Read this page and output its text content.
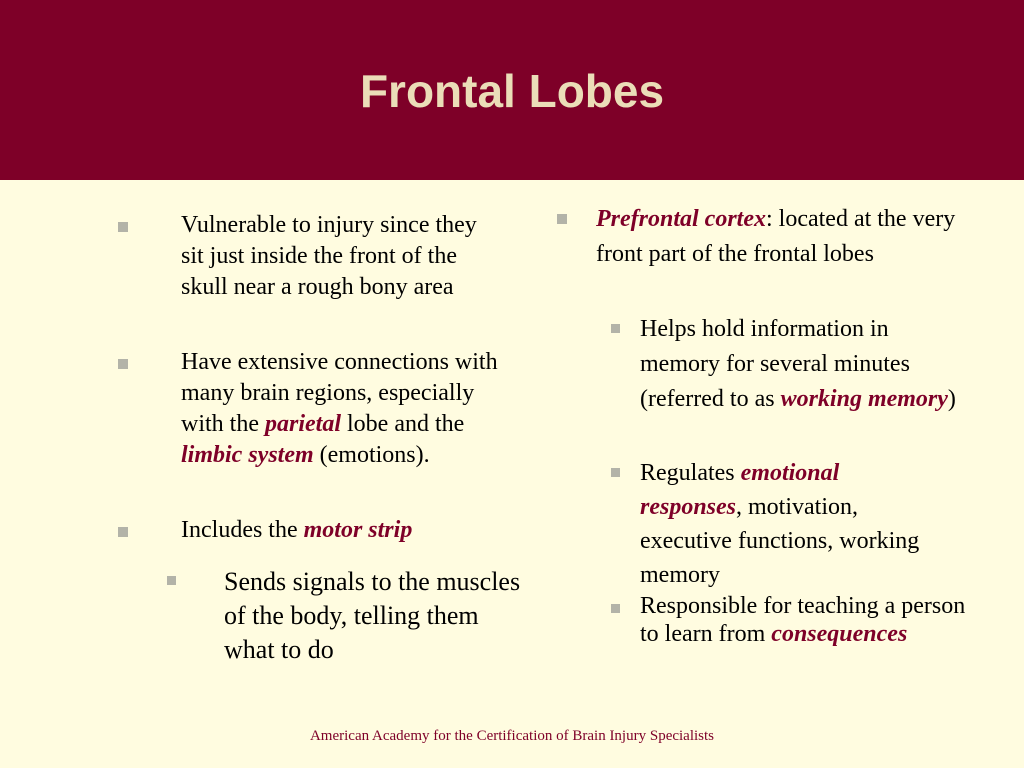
Frontal Lobes
Vulnerable to injury since they sit just inside the front of the skull near a rough bony area
Have extensive connections with many brain regions, especially with the parietal lobe and the limbic system (emotions).
Includes the motor strip
Sends signals to the muscles of the body, telling them what to do
Prefrontal cortex: located at the very front part of the frontal lobes
Helps hold information in memory for several minutes (referred to as working memory)
Regulates emotional responses, motivation, executive functions, working memory
Responsible for teaching a person to learn from consequences
American Academy for the Certification of Brain Injury Specialists
